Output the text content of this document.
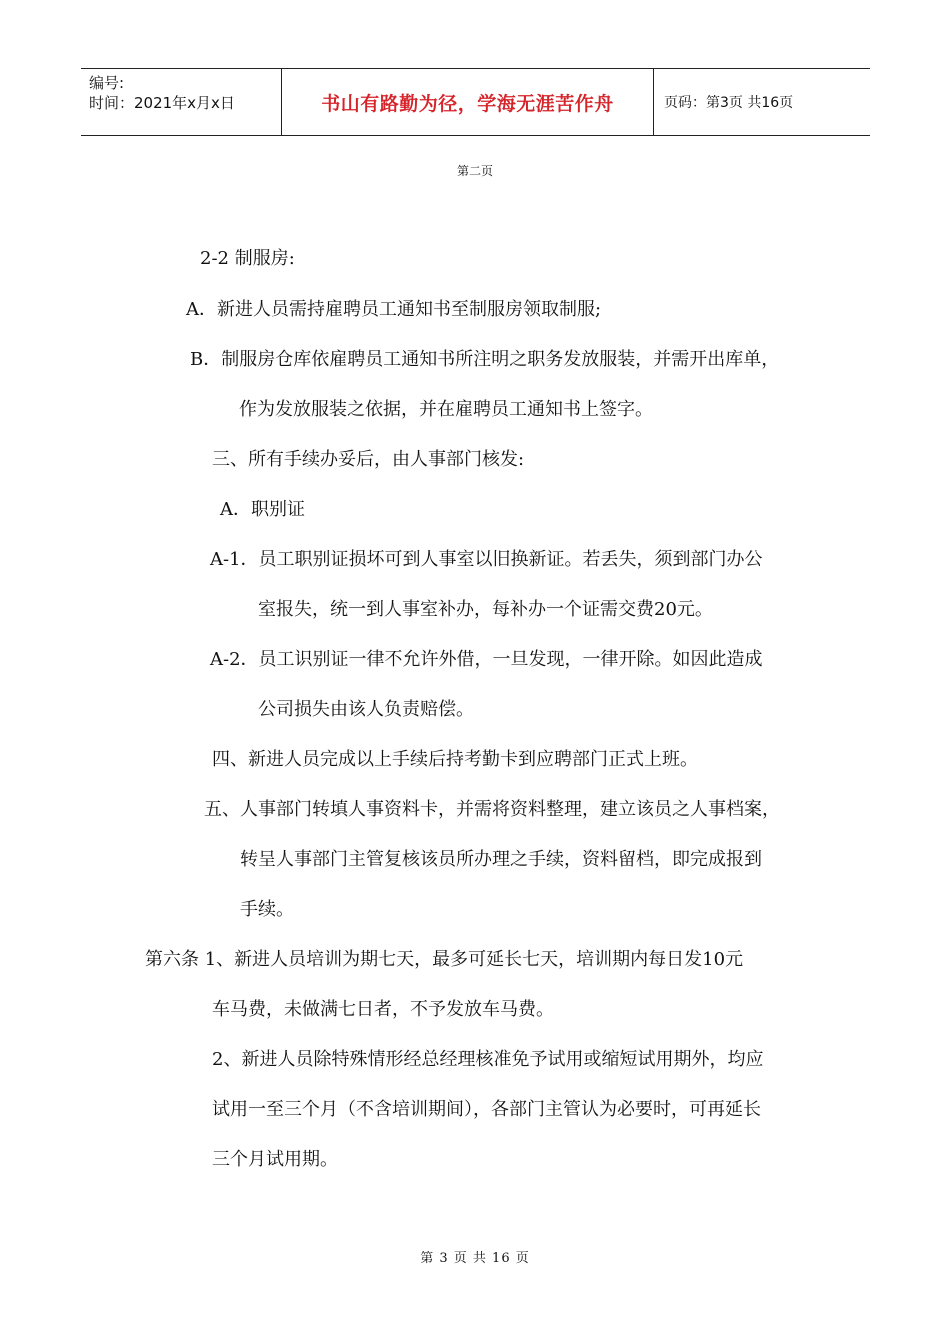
编号:
时间：2021年x月x日	书山有路勤为径，学海无涯苦作舟	页码：第3页 共16页
第二页
2-2 制服房:
A．新进人员需持雇聘员工通知书至制服房领取制服;
B．制服房仓库依雇聘员工通知书所注明之职务发放服装，并需开出库单，
作为发放服装之依据，并在雇聘员工通知书上签字。
三、所有手续办妥后，由人事部门核发:
A．职别证
A-1．员工职别证损坏可到人事室以旧换新证。若丢失，须到部门办公
室报失，统一到人事室补办，每补办一个证需交费20元。
A-2．员工识别证一律不允许外借，一旦发现，一律开除。如因此造成
公司损失由该人负责赔偿。
四、新进人员完成以上手续后持考勤卡到应聘部门正式上班。
五、人事部门转填人事资料卡，并需将资料整理，建立该员之人事档案，
转呈人事部门主管复核该员所办理之手续，资料留档，即完成报到
手续。
第六条 1、新进人员培训为期七天，最多可延长七天，培训期内每日发10元
车马费，未做满七日者，不予发放车马费。
2、新进人员除特殊情形经总经理核准免予试用或缩短试用期外，均应
试用一至三个月（不含培训期间），各部门主管认为必要时，可再延长
三个月试用期。
第 3 页 共 16 页
